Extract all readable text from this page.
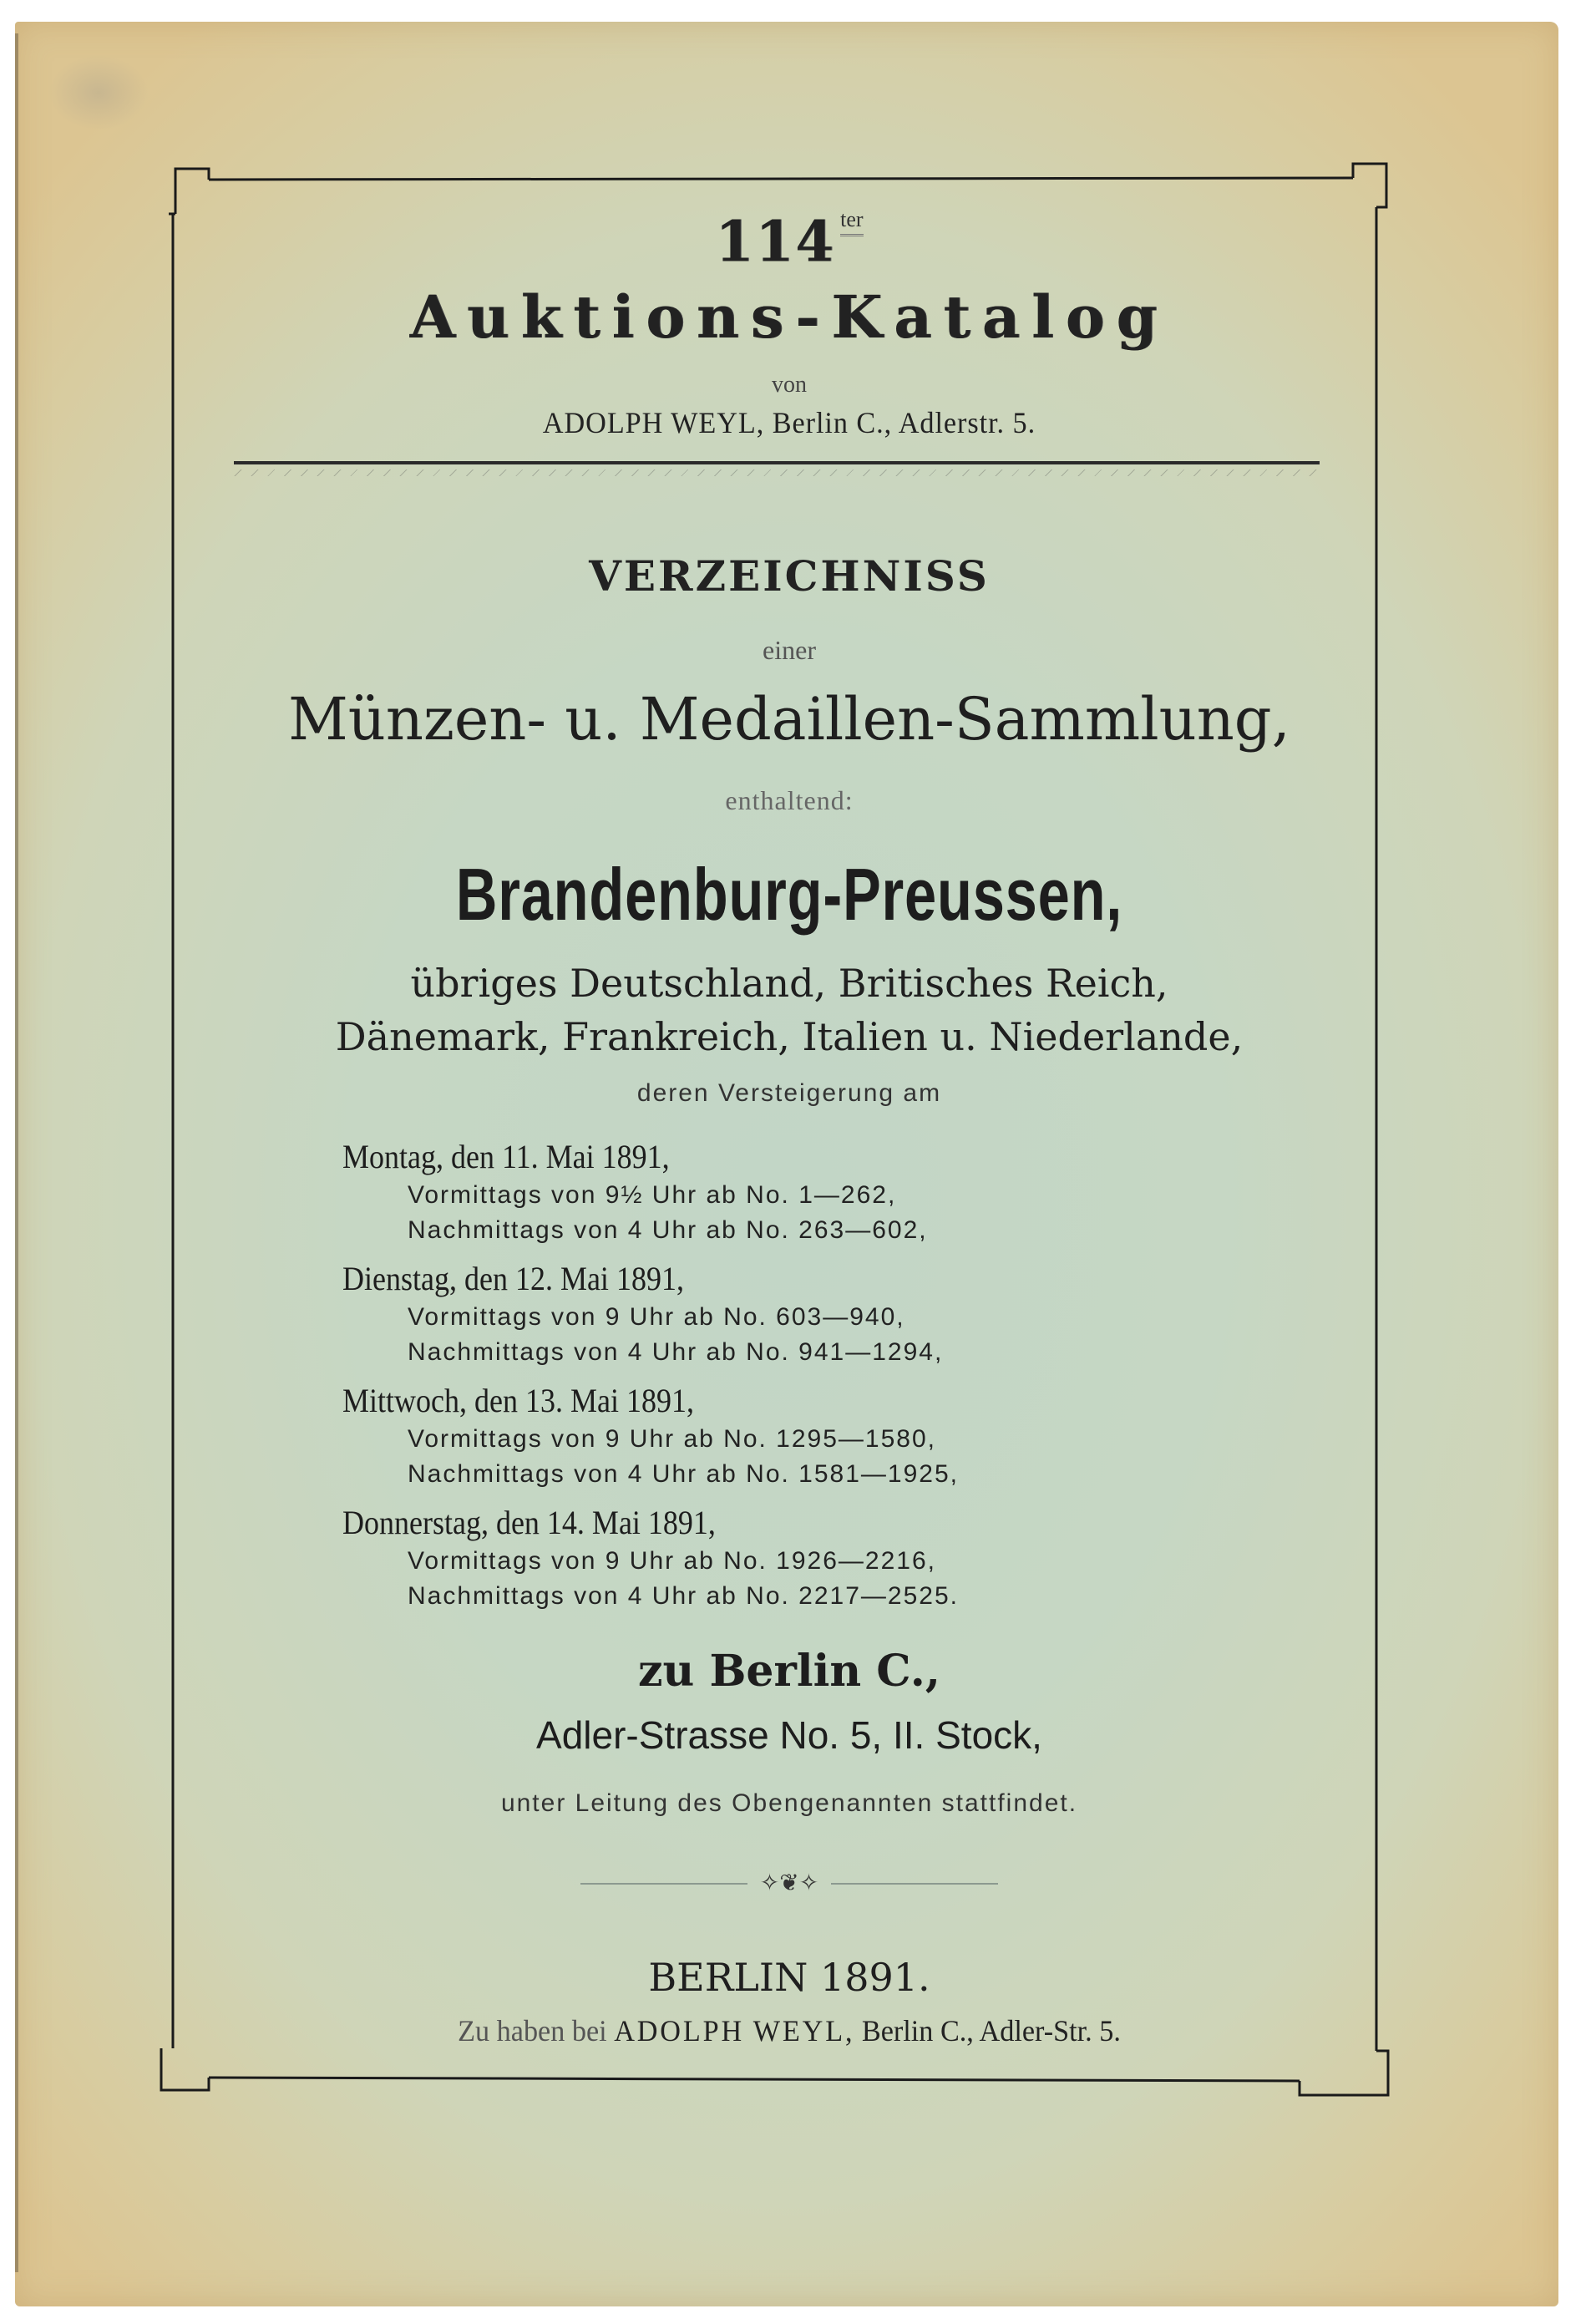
114 ter
Auktions-Katalog
von
ADOLPH WEYL, Berlin C., Adlerstr. 5.
VERZEICHNISS
einer
Münzen- u. Medaillen-Sammlung,
enthaltend:
Brandenburg-Preussen,
übriges Deutschland, Britisches Reich,
Dänemark, Frankreich, Italien u. Niederlande,
deren Versteigerung am
Montag, den 11. Mai 1891,
Vormittags von 9½ Uhr ab No. 1—262,
Nachmittags von 4 Uhr ab No. 263—602,
Dienstag, den 12. Mai 1891,
Vormittags von 9 Uhr ab No. 603—940,
Nachmittags von 4 Uhr ab No. 941—1294,
Mittwoch, den 13. Mai 1891,
Vormittags von 9 Uhr ab No. 1295—1580,
Nachmittags von 4 Uhr ab No. 1581—1925,
Donnerstag, den 14. Mai 1891,
Vormittags von 9 Uhr ab No. 1926—2216,
Nachmittags von 4 Uhr ab No. 2217—2525.
zu Berlin C.,
Adler-Strasse No. 5, II. Stock,
unter Leitung des Obengenannten stattfindet.
✧❦✧
BERLIN 1891.
Zu haben bei ADOLPH WEYL, Berlin C., Adler-Str. 5.
